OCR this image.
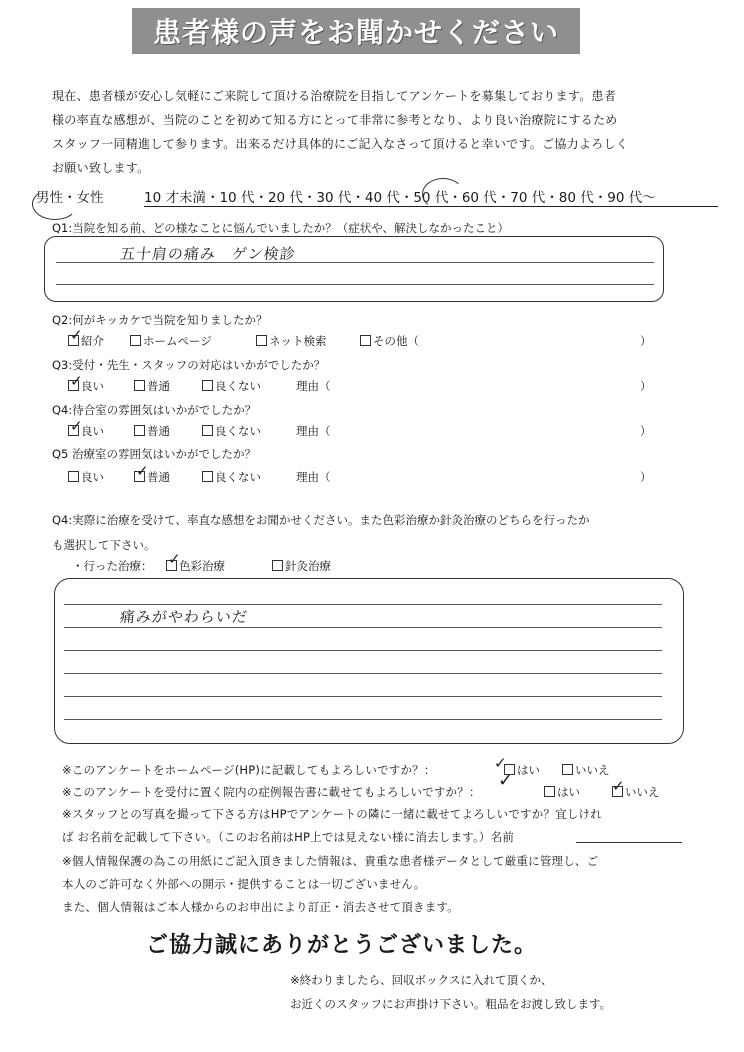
患者様の声をお聞かせください

現在、患者様が安心し気軽にご来院して頂ける治療院を目指してアンケートを募集しております。患者

様の率直な感想が、当院のことを初めて知る方にとって非常に参考となり、より良い治療院にするため

スタッフ一同精進して参ります。出来るだけ具体的にご記入なさって頂けると幸いです。ご協力よろしく

お願い致します。

男性・女性	10 才未満・10 代・20 代・30 代・40 代・50 代・60 代・70 代・80 代・90 代～
Q1:当院を知る前、どの様なことに悩んでいましたか？（症状や、解決しなかったこと）
五十肩の痛み　ゲン検診
Q2:何がキッカケで当院を知りましたか？
紹介	ホームページ	ネット検索	その他（	）
✓
Q3:受付・先生・スタッフの対応はいかがでしたか？
良い	普通	良くない	理由（	）
✓
Q4:待合室の雰囲気はいかがでしたか？
良い	普通	良くない	理由（	）
✓
Q5 治療室の雰囲気はいかがでしたか？
良い	普通	良くない	理由（	）
✓
Q4:実際に治療を受けて、率直な感想をお聞かせください。また色彩治療か針灸治療のどちらを行ったか
も選択して下さい。
・行った治療：	色彩治療	針灸治療
✓
痛みがやわらいだ
※このアンケートをホームページ(HP)に記載してもよろしいですか？：	はい	いいえ
✓
※このアンケートを受付に置く院内の症例報告書に載せてもよろしいですか？：	はい	いいえ
✓
✓
※スタッフとの写真を撮って下さる方はHPでアンケートの隣に一緒に載せてよろしいですか？宜しけれ
ば お名前を記載して下さい。（このお名前はHP上では見えない様に消去します。）名前
※個人情報保護の為この用紙にご記入頂きました情報は、貴重な患者様データとして厳重に管理し、ご
本人のご許可なく外部への開示・提供することは一切ございません。
また、個人情報はご本人様からのお申出により訂正・消去させて頂きます。
ご協力誠にありがとうございました。
※終わりましたら、回収ボックスに入れて頂くか、
お近くのスタッフにお声掛け下さい。粗品をお渡し致します。
